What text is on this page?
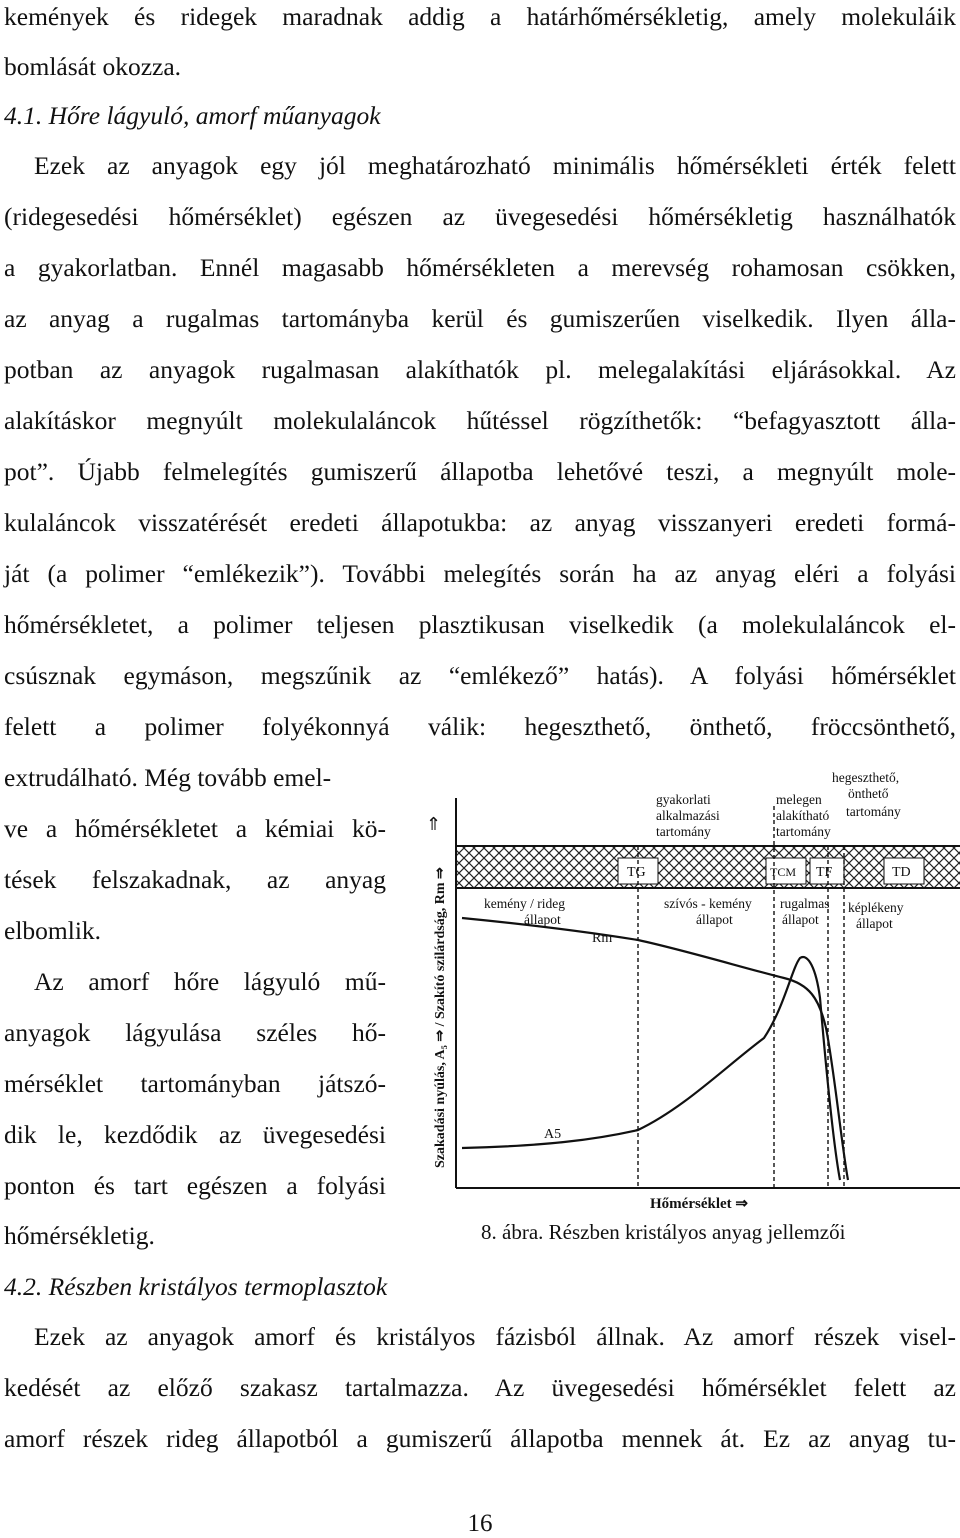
kemények és ridegek maradnak addig a határhőmérsékletig, amely molekuláik
bomlását okozza.
4.1. Hőre lágyuló, amorf műanyagok
Ezek az anyagok egy jól meghatározható minimális hőmérsékleti érték felett
(ridegesedési hőmérséklet) egészen az üvegesedési hőmérsékletig használhatók
a gyakorlatban. Ennél magasabb hőmérsékleten a merevség rohamosan csökken,
az anyag a rugalmas tartományba kerül és gumiszerűen viselkedik. Ilyen álla-
potban az anyagok rugalmasan alakíthatók pl. melegalakítási eljárásokkal. Az
alakításkor megnyúlt molekulaláncok hűtéssel rögzíthetők: “befagyasztott álla-
pot”. Újabb felmelegítés gumiszerű állapotba lehetővé teszi, a megnyúlt mole-
kulaláncok visszatérését eredeti állapotukba: az anyag visszanyeri eredeti formá-
ját (a polimer “emlékezik”). További melegítés során ha az anyag eléri a folyási
hőmérsékletet, a polimer teljesen plasztikusan viselkedik (a molekulaláncok el-
csúsznak egymáson, megszűnik az “emlékező” hatás). A folyási hőmérséklet
felett a polimer folyékonnyá válik: hegeszthető, önthető, fröccsönthető,
extrudálható. Még tovább emel-
ve a hőmérsékletet a kémiai kö-
tések felszakadnak, az anyag
elbomlik.
Az amorf hőre lágyuló mű-
anyagok lágyulása széles hő-
mérséklet tartományban játszó-
dik le, kezdődik az üvegesedési
ponton és tart egészen a folyási
hőmérsékletig.
Szakadási nyúlás, A₅ ⇒ / Szakító szilárdság, Rm ⇒
⇑
TG	TCM TF	TD
gyakorlati
alkalmazási
tartomány
melegen
alakítható
tartomány
hegeszthető,
önthető
tartomány
kemény / rideg
állapot
szívós - kemény
állapot
rugalmas
állapot
képlékeny
állapot
Rm
A5
Hőmérséklet ⇒
8. ábra. Részben kristályos anyag jellemzői
4.2. Részben kristályos termoplasztok
Ezek az anyagok amorf és kristályos fázisból állnak. Az amorf részek visel-
kedését az előző szakasz tartalmazza. Az üvegesedési hőmérséklet felett az
amorf részek rideg állapotból a gumiszerű állapotba mennek át. Ez az anyag tu-
16
